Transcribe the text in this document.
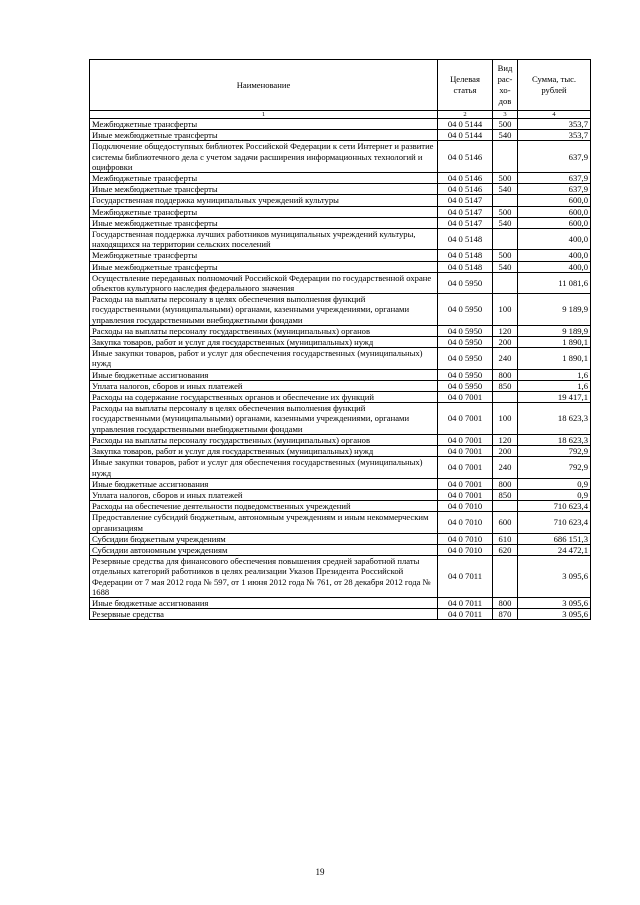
Наименование	Целевая статья	Вид рас- хо- дов	Сумма, тыс. рублей
1	2	3	4
Межбюджетные трансферты	04 0 5144	500	353,7
Иные межбюджетные трансферты	04 0 5144	540	353,7
Подключение общедоступных библиотек Российской Федерации к сети Интернет и развитие системы библиотечного дела с учетом задачи расширения информационных технологий и оцифровки	04 0 5146		637,9
Межбюджетные трансферты	04 0 5146	500	637,9
Иные межбюджетные трансферты	04 0 5146	540	637,9
Государственная поддержка муниципальных учреждений культуры	04 0 5147		600,0
Межбюджетные трансферты	04 0 5147	500	600,0
Иные межбюджетные трансферты	04 0 5147	540	600,0
Государственная поддержка лучших работников муниципальных учреждений культуры, находящихся на территории сельских поселений	04 0 5148		400,0
Межбюджетные трансферты	04 0 5148	500	400,0
Иные межбюджетные трансферты	04 0 5148	540	400,0
Осуществление переданных полномочий Российской Федерации по государственной охране объектов культурного наследия федерального значения	04 0 5950		11 081,6
Расходы на выплаты персоналу в целях обеспечения выполнения функций государственными (муниципальными) органами, казенными учреждениями, органами управления государственными внебюджетными фондами	04 0 5950	100	9 189,9
Расходы на выплаты персоналу государственных (муниципальных) органов	04 0 5950	120	9 189,9
Закупка товаров, работ и услуг для государственных (муниципальных) нужд	04 0 5950	200	1 890,1
Иные закупки товаров, работ и услуг для обеспечения государственных (муниципальных) нужд	04 0 5950	240	1 890,1
Иные бюджетные ассигнования	04 0 5950	800	1,6
Уплата налогов, сборов и иных платежей	04 0 5950	850	1,6
Расходы на содержание государственных органов и обеспечение их функций	04 0 7001		19 417,1
Расходы на выплаты персоналу в целях обеспечения выполнения функций государственными (муниципальными) органами, казенными учреждениями, органами управления государственными внебюджетными фондами	04 0 7001	100	18 623,3
Расходы на выплаты персоналу государственных (муниципальных) органов	04 0 7001	120	18 623,3
Закупка товаров, работ и услуг для государственных (муниципальных) нужд	04 0 7001	200	792,9
Иные закупки товаров, работ и услуг для обеспечения государственных (муниципальных) нужд	04 0 7001	240	792,9
Иные бюджетные ассигнования	04 0 7001	800	0,9
Уплата налогов, сборов и иных платежей	04 0 7001	850	0,9
Расходы на обеспечение деятельности подведомственных учреждений	04 0 7010		710 623,4
Предоставление субсидий бюджетным, автономным учреждениям и иным некоммерческим организациям	04 0 7010	600	710 623,4
Субсидии бюджетным учреждениям	04 0 7010	610	686 151,3
Субсидии автономным учреждениям	04 0 7010	620	24 472,1
Резервные средства для финансового обеспечения повышения средней заработной платы отдельных категорий работников в целях реализации Указов Президента Российской Федерации от 7 мая 2012 года № 597, от 1 июня 2012 года № 761, от 28 декабря 2012 года № 1688	04 0 7011		3 095,6
Иные бюджетные ассигнования	04 0 7011	800	3 095,6
Резервные средства	04 0 7011	870	3 095,6
19
